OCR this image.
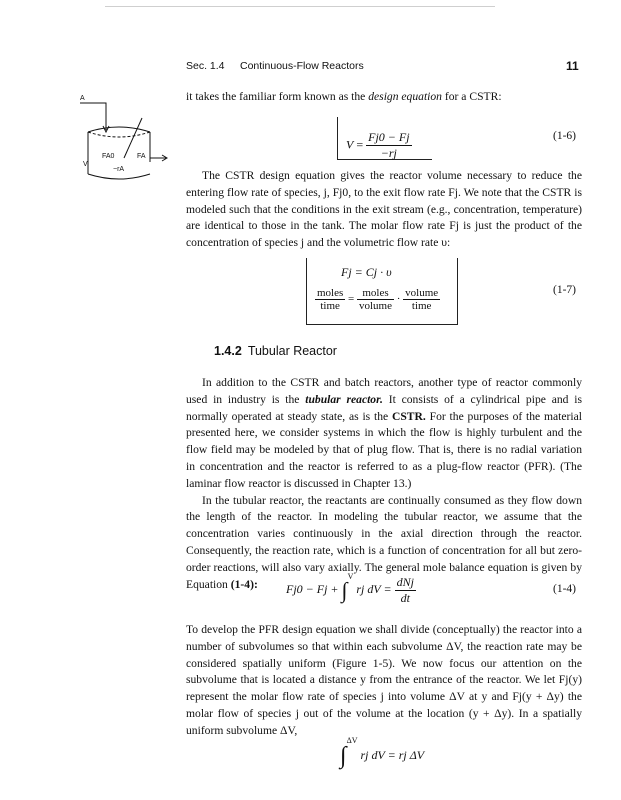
Sec. 1.4 Continuous-Flow Reactors	11
A
FA0
V
FA
−rA
it takes the familiar form known as the design equation for a CSTR:
$V = \frac{Fj0 - Fj}{-rj}$	(1-6)

The CSTR design equation gives the reactor volume necessary to reduce the entering flow rate of species, j, Fj0, to the exit flow rate Fj. We note that the CSTR is modeled such that the conditions in the exit stream (e.g., concentration, temperature) are identical to those in the tank. The molar flow rate Fj is just the product of the concentration of species j and the volumetric flow rate υ:

Fj = Cj · υ
$\frac{\text{moles}}{\text{time}} = \frac{\text{moles}}{\text{volume}} \cdot \frac{\text{volume}}{\text{time}}$	(1-7)
1.4.2 Tubular Reactor

In addition to the CSTR and batch reactors, another type of reactor commonly used in industry is the tubular reactor. It consists of a cylindrical pipe and is normally operated at steady state, as is the CSTR. For the purposes of the material presented here, we consider systems in which the flow is highly turbulent and the flow field may be modeled by that of plug flow. That is, there is no radial variation in concentration and the reactor is referred to as a plug-flow reactor (PFR). (The laminar flow reactor is discussed in Chapter 13.)

In the tubular reactor, the reactants are continually consumed as they flow down the length of the reactor. In modeling the tubular reactor, we assume that the concentration varies continuously in the axial direction through the reactor. Consequently, the reaction rate, which is a function of concentration for all but zero-order reactions, will also vary axially. The general mole balance equation is given by Equation (1-4):	Fj0 − Fj + ∫$^V$ rj dV = $\frac{\text{dNj}}{dt}$	(1-4)

To develop the PFR design equation we shall divide (conceptually) the reactor into a number of subvolumes so that within each subvolume ΔV, the reaction rate may be considered spatially uniform (Figure 1-5). We now focus our attention on the subvolume that is located a distance y from the entrance of the reactor. We let Fj(y) represent the molar flow rate of species j into volume ΔV at y and Fj(y + Δy) the molar flow of species j out of the volume at the location (y + Δy). In a spatially uniform subvolume ΔV,

∫$^{\Delta V}$ rj dV = rj ΔV
